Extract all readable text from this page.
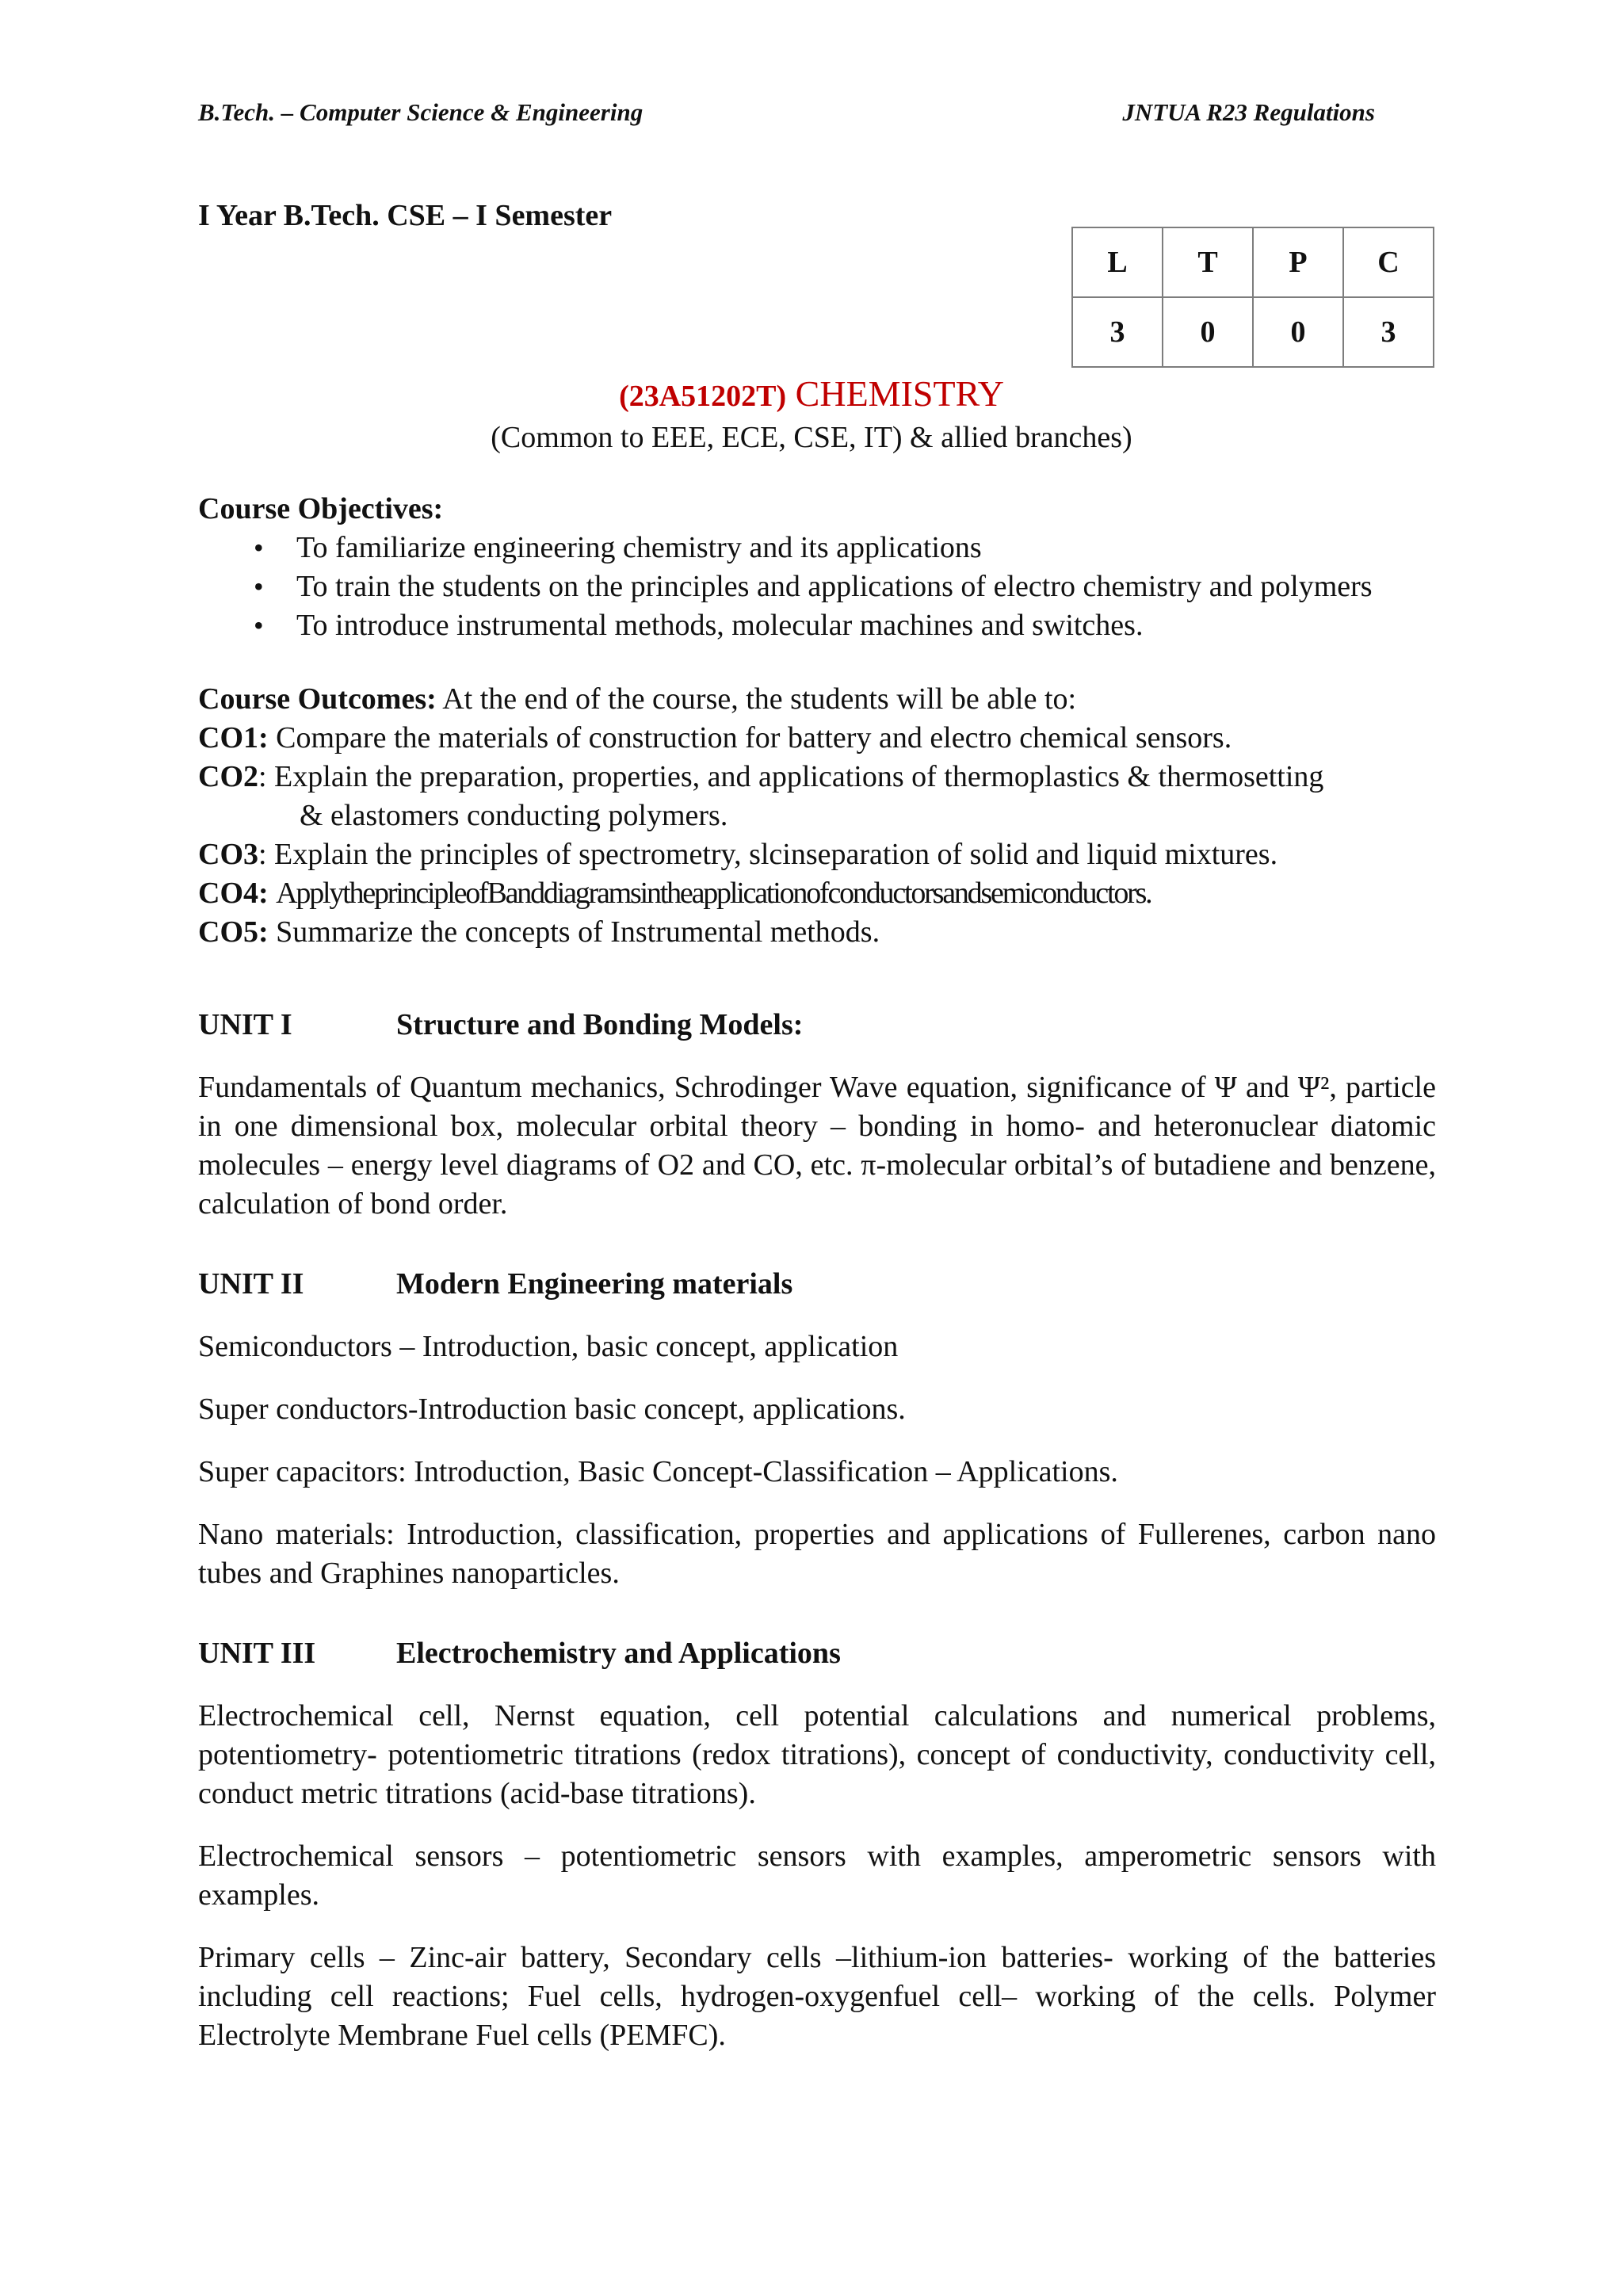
B.Tech. – Computer Science & Engineering	JNTUA R23 Regulations
I Year B.Tech. CSE – I Semester
L	T	P	C
3	0	0	3
(23A51202T) CHEMISTRY
(Common to EEE, ECE, CSE, IT) & allied branches)

Course Objectives:

• To familiarize engineering chemistry and its applications
• To train the students on the principles and applications of electro chemistry and polymers
• To introduce instrumental methods, molecular machines and switches.

Course Outcomes: At the end of the course, the students will be able to:

CO1: Compare the materials of construction for battery and electro chemical sensors.

CO2: Explain the preparation, properties, and applications of thermoplastics & thermosetting

& elastomers conducting polymers.

CO3: Explain the principles of spectrometry, slcinseparation of solid and liquid mixtures.

CO4: ApplytheprincipleofBanddiagramsintheapplicationofconductorsandsemiconductors.

CO5: Summarize the concepts of Instrumental methods.

UNIT I	Structure and Bonding Models:

Fundamentals of Quantum mechanics, Schrodinger Wave equation, significance of Ψ and Ψ², particle in one dimensional box, molecular orbital theory – bonding in homo- and heteronuclear diatomic molecules – energy level diagrams of O2 and CO, etc. π-molecular orbital’s of butadiene and benzene, calculation of bond order.

UNIT II	Modern Engineering materials

Semiconductors – Introduction, basic concept, application

Super conductors-Introduction basic concept, applications.

Super capacitors: Introduction, Basic Concept-Classification – Applications.

Nano materials: Introduction, classification, properties and applications of Fullerenes, carbon nano tubes and Graphines nanoparticles.

UNIT III	Electrochemistry and Applications

Electrochemical cell, Nernst equation, cell potential calculations and numerical problems, potentiometry- potentiometric titrations (redox titrations), concept of conductivity, conductivity cell, conduct metric titrations (acid-base titrations).

Electrochemical sensors – potentiometric sensors with examples, amperometric sensors with examples.

Primary cells – Zinc-air battery, Secondary cells –lithium-ion batteries- working of the batteries including cell reactions; Fuel cells, hydrogen-oxygenfuel cell– working of the cells. Polymer Electrolyte Membrane Fuel cells (PEMFC).
